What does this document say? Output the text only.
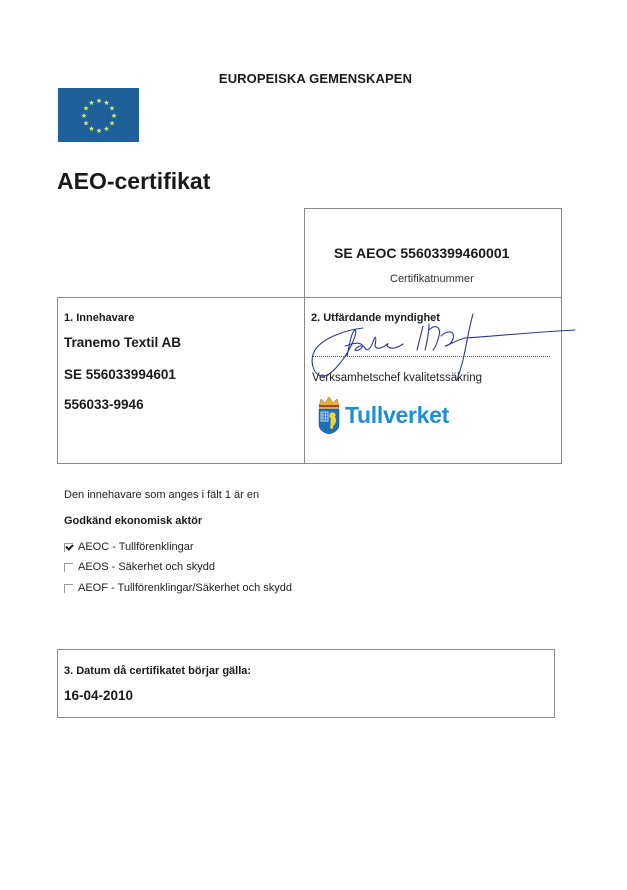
EUROPEISKA GEMENSKAPEN
★ ★
★
★
★
★
★
★
★
★
★
★
AEO-certifikat
SE AEOC 55603399460001
Certifikatnummer
1. Innehavare
Tranemo Textil AB
SE 556033994601
556033-9946
2. Utfärdande myndighet
Verksamhetschef kvalitetssäkring
Tullverket
Den innehavare som anges i fält 1 är en
Godkänd ekonomisk aktör
AEOC - Tullförenklingar
AEOS - Säkerhet och skydd
AEOF - Tullförenklingar/Säkerhet och skydd
3. Datum då certifikatet börjar gälla:
16-04-2010
